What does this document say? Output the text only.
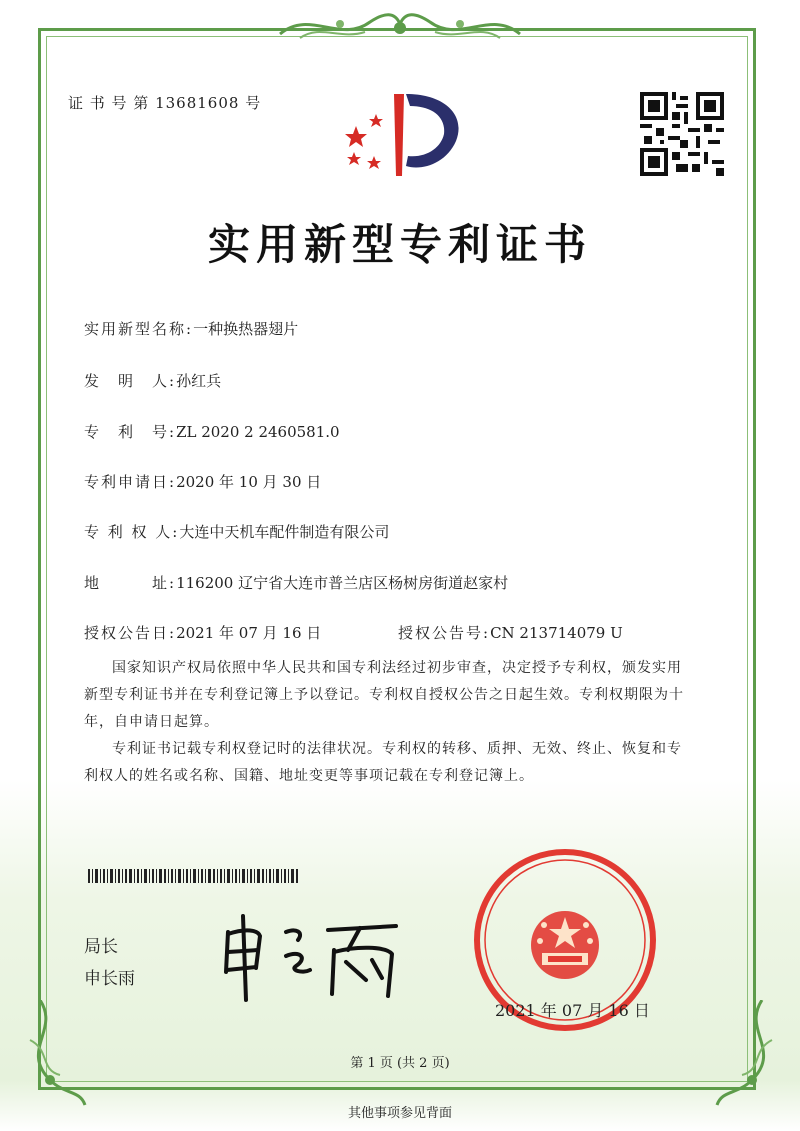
证 书 号 第 13681608 号
实用新型专利证书
实用新型名称:一种换热器翅片
发　明　人:孙红兵
专　利　号:ZL 2020 2 2460581.0
专利申请日:2020 年 10 月 30 日
专 利 权 人:大连中天机车配件制造有限公司
地　　　址:116200 辽宁省大连市普兰店区杨树房街道赵家村
授权公告日:2021 年 07 月 16 日	授权公告号:CN 213714079 U
国家知识产权局依照中华人民共和国专利法经过初步审查，决定授予专利权，颁发实用
新型专利证书并在专利登记簿上予以登记。专利权自授权公告之日起生效。专利权期限为十
年，自申请日起算。
专利证书记载专利权登记时的法律状况。专利权的转移、质押、无效、终止、恢复和专
利权人的姓名或名称、国籍、地址变更等事项记载在专利登记簿上。
局长
申长雨
2021 年 07 月 16 日
第 1 页 (共 2 页)
其他事项参见背面
